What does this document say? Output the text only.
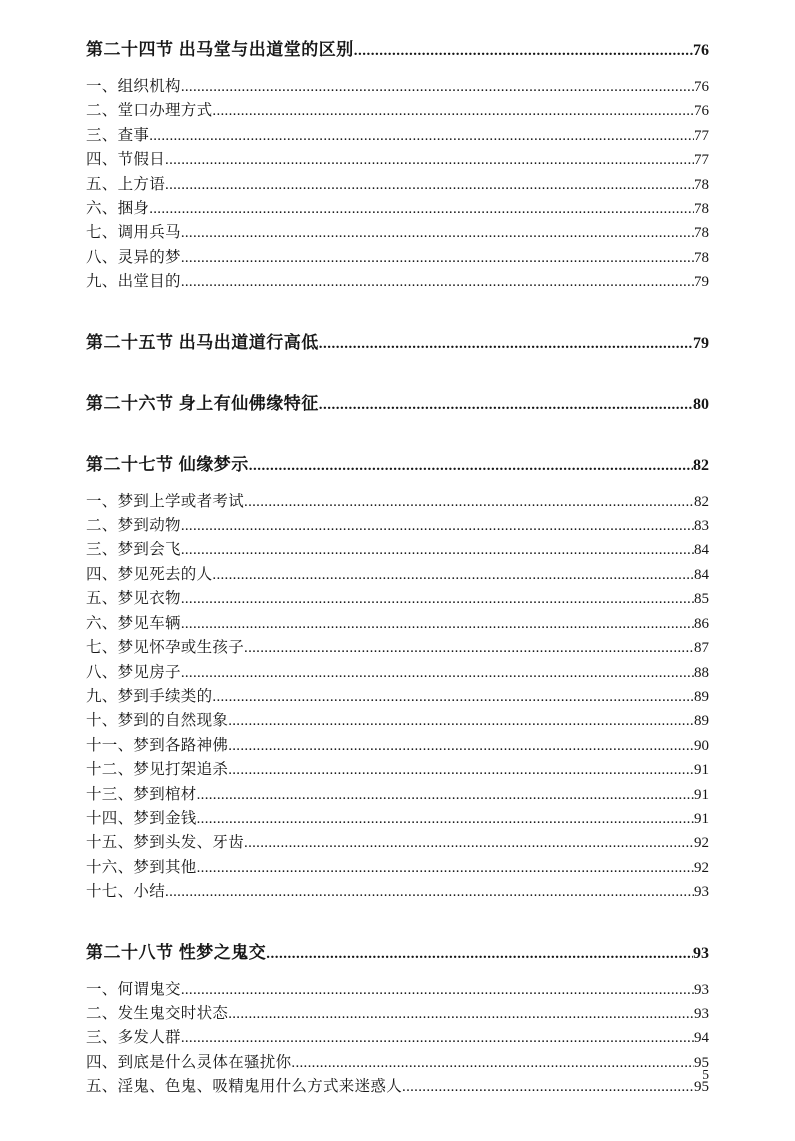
第二十四节 出马堂与出道堂的区别 .....	76
一、组织机构 .....	76
二、堂口办理方式 .....	76
三、查事 .....	77
四、节假日 .....	77
五、上方语 .....	78
六、捆身 .....	78
七、调用兵马 .....	78
八、灵异的梦 .....	78
九、出堂目的 .....	79
第二十五节 出马出道道行高低 .....	79
第二十六节 身上有仙佛缘特征 .....	80
第二十七节 仙缘梦示 .....	82
一、梦到上学或者考试 .....	82
二、梦到动物 .....	83
三、梦到会飞 .....	84
四、梦见死去的人 .....	84
五、梦见衣物 .....	85
六、梦见车辆 .....	86
七、梦见怀孕或生孩子 .....	87
八、梦见房子 .....	88
九、梦到手续类的 .....	89
十、梦到的自然现象 .....	89
十一、梦到各路神佛 .....	90
十二、梦见打架追杀 .....	91
十三、梦到棺材 .....	91
十四、梦到金钱 .....	91
十五、梦到头发、牙齿 .....	92
十六、梦到其他 .....	92
十七、小结 .....	93
第二十八节 性梦之鬼交 .....	93
一、何谓鬼交 .....	93
二、发生鬼交时状态 .....	93
三、多发人群 .....	94
四、到底是什么灵体在骚扰你 .....	95
五、淫鬼、色鬼、吸精鬼用什么方式来迷惑人 .....	95
5
